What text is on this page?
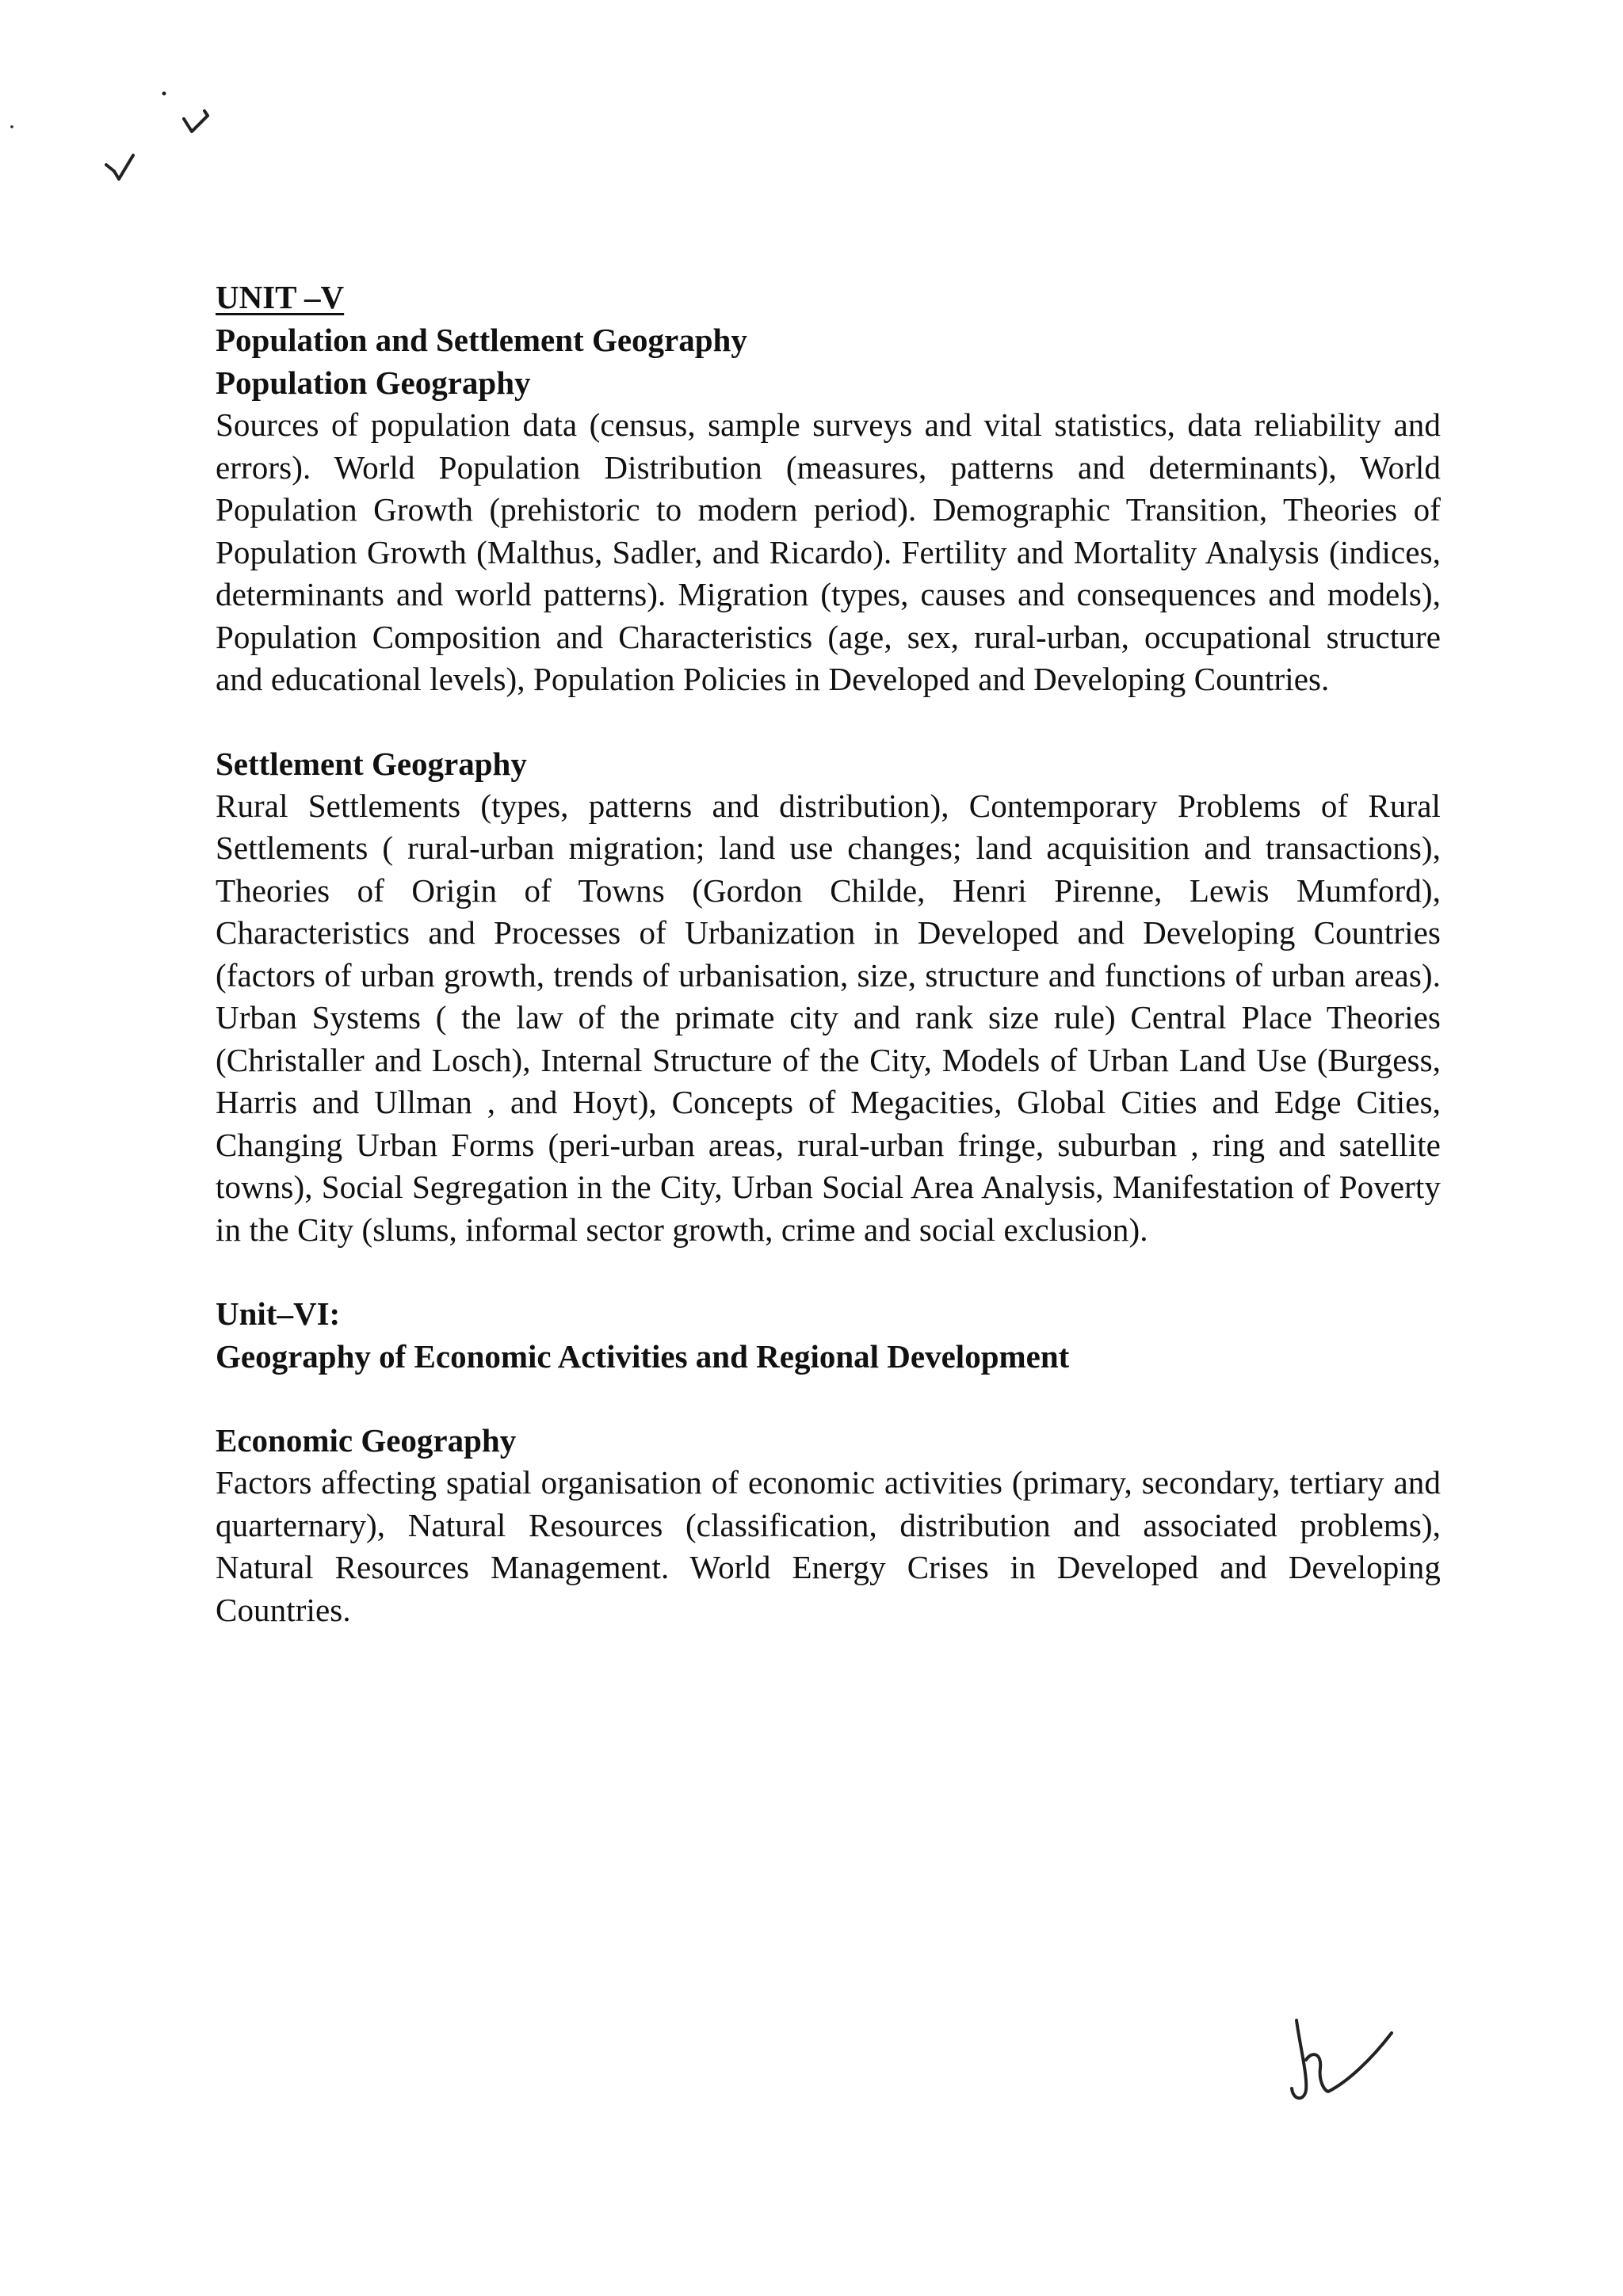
UNIT –V
Population and Settlement Geography
Population Geography

Sources of population data (census, sample surveys and vital statistics, data reliability and errors). World Population Distribution (measures, patterns and determinants), World Population Growth (prehistoric to modern period). Demographic Transition, Theories of Population Growth (Malthus, Sadler, and Ricardo). Fertility and Mortality Analysis (indices, determinants and world patterns). Migration (types, causes and consequences and models), Population Composition and Characteristics (age, sex, rural-urban, occupational structure and educational levels), Population Policies in Developed and Developing Countries.

Settlement Geography

Rural Settlements (types, patterns and distribution), Contemporary Problems of Rural Settlements ( rural-urban migration; land use changes; land acquisition and transactions), Theories of Origin of Towns (Gordon Childe, Henri Pirenne, Lewis Mumford), Characteristics and Processes of Urbanization in Developed and Developing Countries (factors of urban growth, trends of urbanisation, size, structure and functions of urban areas). Urban Systems ( the law of the primate city and rank size rule) Central Place Theories (Christaller and Losch), Internal Structure of the City, Models of Urban Land Use (Burgess, Harris and Ullman , and Hoyt), Concepts of Megacities, Global Cities and Edge Cities, Changing Urban Forms (peri-urban areas, rural-urban fringe, suburban , ring and satellite towns), Social Segregation in the City, Urban Social Area Analysis, Manifestation of Poverty in the City (slums, informal sector growth, crime and social exclusion).

Unit–VI:
Geography of Economic Activities and Regional Development
Economic Geography

Factors affecting spatial organisation of economic activities (primary, secondary, tertiary and quarternary), Natural Resources (classification, distribution and associated problems), Natural Resources Management. World Energy Crises in Developed and Developing Countries.
